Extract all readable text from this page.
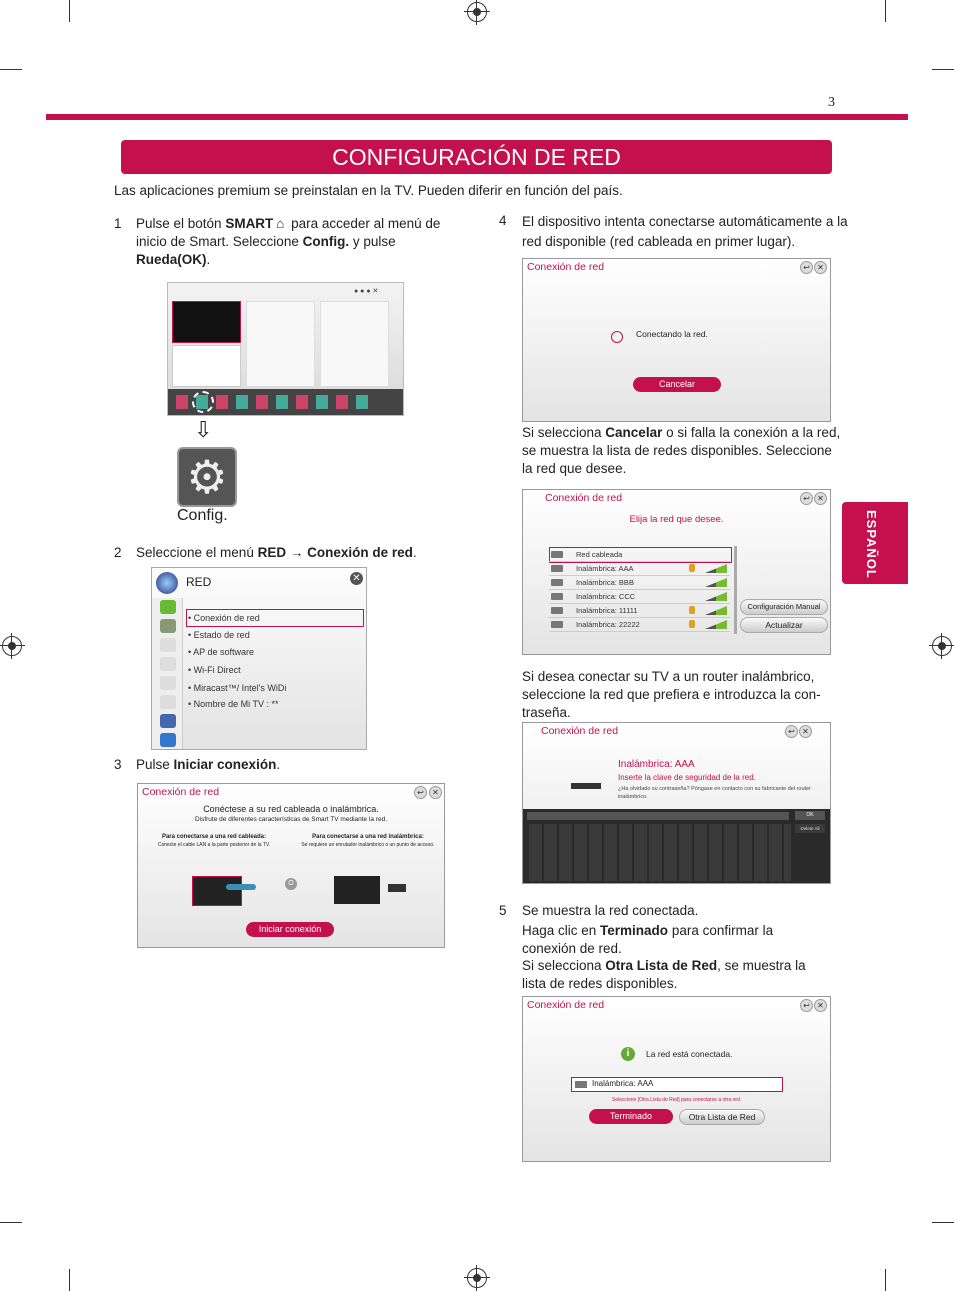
3
CONFIGURACIÓN DE RED
Las aplicaciones premium se preinstalan en la TV. Pueden diferir en función del país.
ESPAÑOL
1 Pulse el botón SMART ⌂ para acceder al menú de inicio de Smart. Seleccione Config. y pulse Rueda(OK).
● ● ● ✕
⇩
⚙
Config.
2 Seleccione el menú RED → Conexión de red.
RED	✕
• Conexión de red
• Estado de red
• AP de software
• Wi-Fi Direct
• Miracast™/ Intel's WiDi
• Nombre de Mi TV : **
3 Pulse Iniciar conexión.
Conexión de red	↩	✕
Conéctese a su red cableada o inalámbrica.
Disfrute de diferentes características de Smart TV mediante la red.
Para conectarse a una red cableada:
Conecte el cable LAN a la parte posterior de la TV.
Para conectarse a una red inalámbrica:
Se requiere un enrutador inalámbrico o un punto de acceso.
O
Iniciar conexión
4 El dispositivo intenta conectarse automáticamente a la red disponible (red cableada en primer lugar).
Conexión de red	↩ ✕
Conectando la red.
Cancelar
Si selecciona Cancelar o si falla la conexión a la red, se muestra la lista de redes disponibles. Seleccione la red que desee.
Conexión de red	↩ ✕
Elija la red que desee.
Red cableada
Inalámbrica: AAA
Inalámbrica: BBB
Inalámbrica: CCC
Inalámbrica: 11111
Inalámbrica: 22222
Configuración Manual
Actualizar
Si desea conectar su TV a un router inalámbrico, seleccione la red que prefiera e introduzca la con-traseña.
Conexión de red	↩ ✕
Inalámbrica: AAA
Inserte la clave de seguridad de la red.
¿Ha olvidado su contraseña? Póngase en contacto con su fabricante del router inalámbrico.
OK
Delete All
5 Se muestra la red conectada.
Haga clic en Terminado para confirmar la conexión de red.
Si selecciona Otra Lista de Red, se muestra la lista de redes disponibles.
Conexión de red	↩ ✕
i	La red está conectada.
Inalámbrica: AAA
Seleccione [Otra Lista de Red] para conectarse a otra red.
Terminado	Otra Lista de Red
